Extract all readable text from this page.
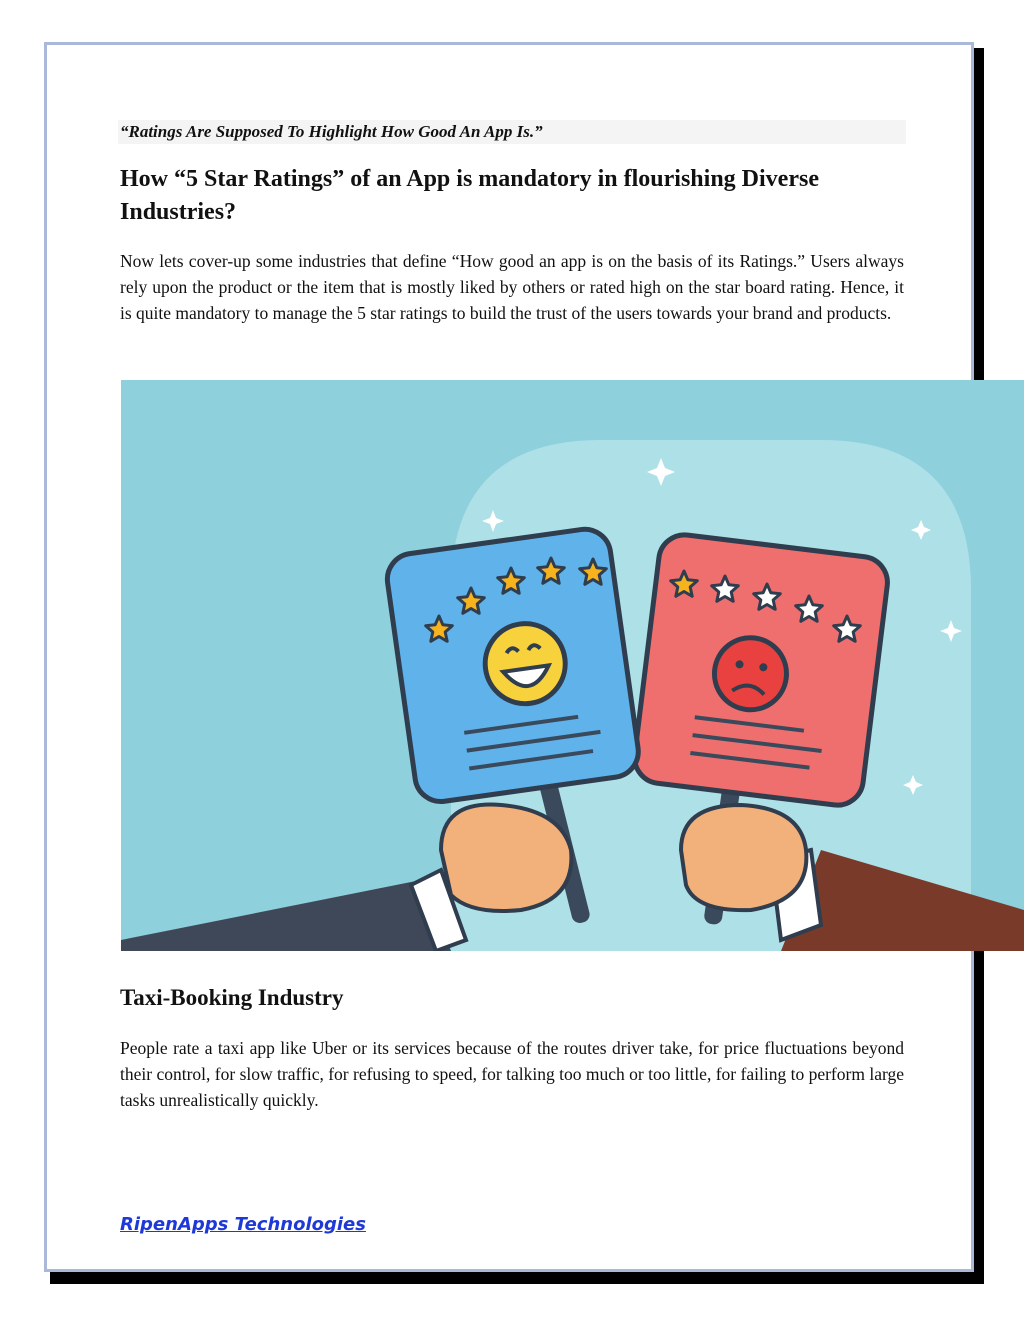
“Ratings Are Supposed To Highlight How Good An App Is.”
How “5 Star Ratings” of an App is mandatory in flourishing Diverse Industries?
Now lets cover-up some industries that define “How good an app is on the basis of its Ratings.” Users always rely upon the product or the item that is mostly liked by others or rated high on the star board rating. Hence, it is quite mandatory to manage the 5 star ratings to build the trust of the users towards your brand and products.
Taxi-Booking Industry
People rate a taxi app like Uber or its services because of the routes driver take, for price fluctuations beyond their control, for slow traffic, for refusing to speed, for talking too much or too little, for failing to perform large tasks unrealistically quickly.
RipenApps Technologies
